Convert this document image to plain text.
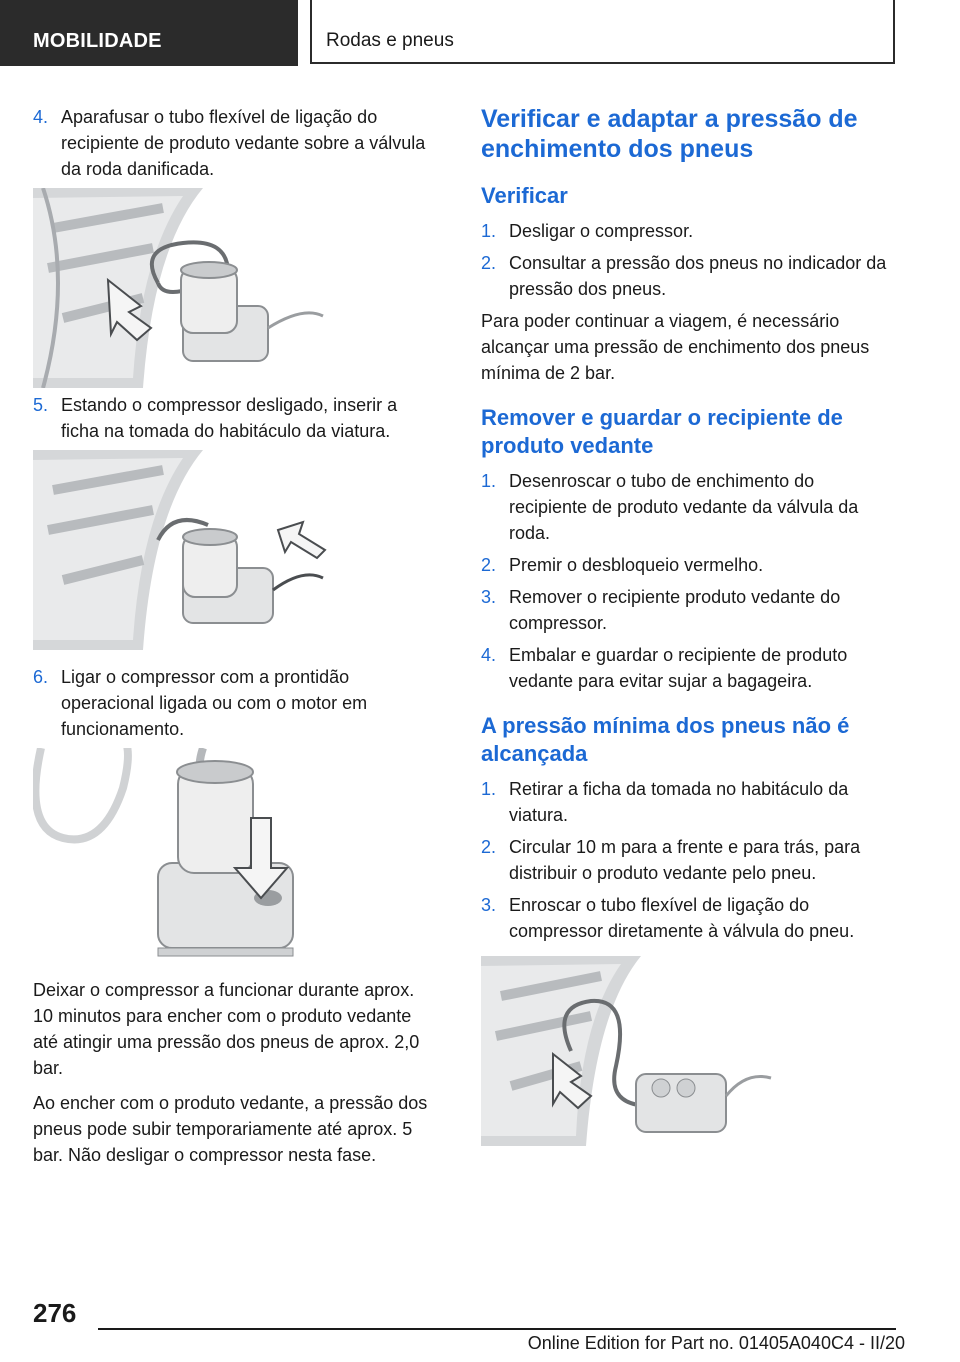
MOBILIDADE	Rodas e pneus
4. Aparafusar o tubo flexível de ligação do recipiente de produto vedante sobre a válvula da roda danificada.
5. Estando o compressor desligado, inserir a ficha na tomada do habitáculo da viatura.
6. Ligar o compressor com a prontidão operacional ligada ou com o motor em funcionamento.

Deixar o compressor a funcionar durante aprox. 10 minutos para encher com o produto vedante até atingir uma pressão dos pneus de aprox. 2,0 bar.

Ao encher com o produto vedante, a pressão dos pneus pode subir temporariamente até aprox. 5 bar. Não desligar o compressor nesta fase.

Verificar e adaptar a pressão de enchimento dos pneus
Verificar
1. Desligar o compressor.
2. Consultar a pressão dos pneus no indicador da pressão dos pneus.

Para poder continuar a viagem, é necessário alcançar uma pressão de enchimento dos pneus mínima de 2 bar.

Remover e guardar o recipiente de produto vedante
1. Desenroscar o tubo de enchimento do recipiente de produto vedante da válvula da roda.
2. Premir o desbloqueio vermelho.
3. Remover o recipiente produto vedante do compressor.
4. Embalar e guardar o recipiente de produto vedante para evitar sujar a bagageira.
A pressão mínima dos pneus não é alcançada
1. Retirar a ficha da tomada no habitáculo da viatura.
2. Circular 10 m para a frente e para trás, para distribuir o produto vedante pelo pneu.
3. Enroscar o tubo flexível de ligação do compressor diretamente à válvula do pneu.
276
Online Edition for Part no. 01405A040C4 - II/20
